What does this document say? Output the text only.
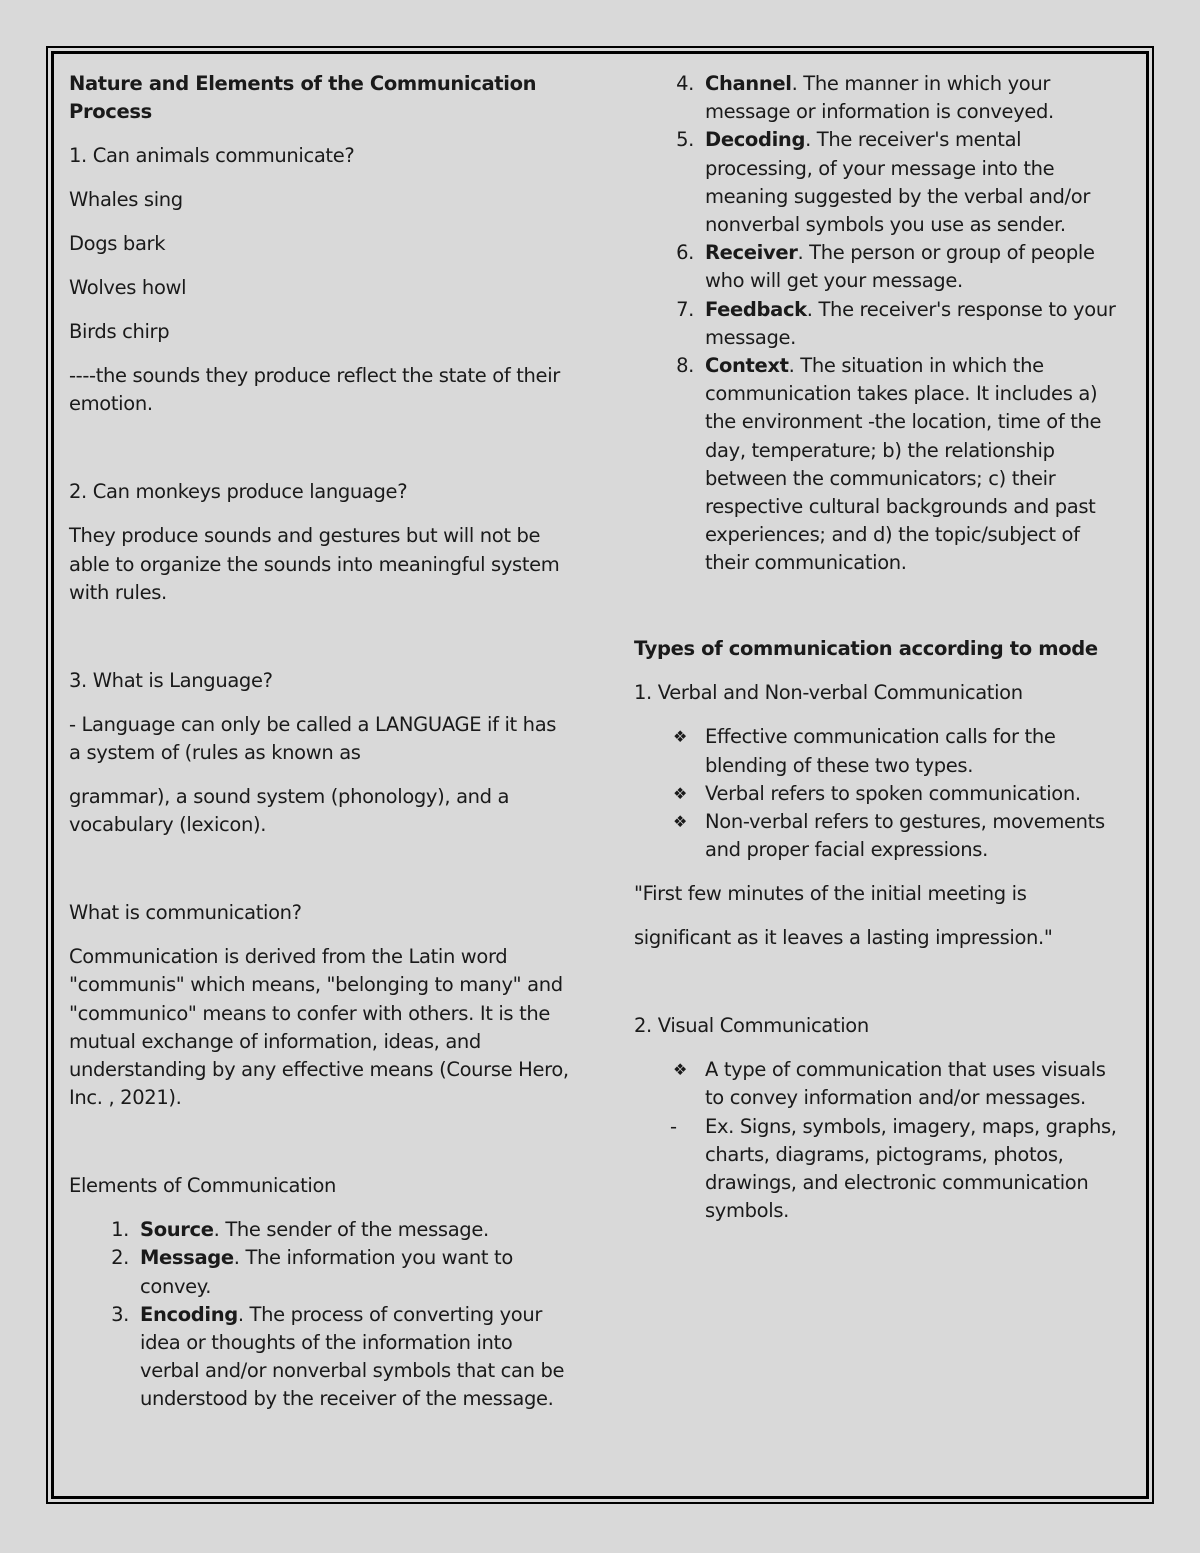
Nature and Elements of the Communication Process

1. Can animals communicate?

Whales sing

Dogs bark

Wolves howl

Birds chirp

----the sounds they produce reflect the state of their emotion.

2. Can monkeys produce language?

They produce sounds and gestures but will not be able to organize the sounds into meaningful system with rules.

3. What is Language?

- Language can only be called a LANGUAGE if it has a system of (rules as known as

grammar), a sound system (phonology), and a vocabulary (lexicon).

What is communication?

Communication is derived from the Latin word "communis" which means, "belonging to many" and "communico" means to confer with others. It is the mutual exchange of information, ideas, and understanding by any effective means (Course Hero, Inc. , 2021).

Elements of Communication

1. Source. The sender of the message.
2. Message. The information you want to convey.
3. Encoding. The process of converting your idea or thoughts of the information into verbal and/or nonverbal symbols that can be understood by the receiver of the message.
4. Channel. The manner in which your message or information is conveyed.
5. Decoding. The receiver's mental processing, of your message into the meaning suggested by the verbal and/or nonverbal symbols you use as sender.
6. Receiver. The person or group of people who will get your message.
7. Feedback. The receiver's response to your message.
8. Context. The situation in which the communication takes place. It includes a) the environment -the location, time of the day, temperature; b) the relationship between the communicators; c) their respective cultural backgrounds and past experiences; and d) the topic/subject of their communication.

Types of communication according to mode

1. Verbal and Non-verbal Communication

❖ Effective communication calls for the blending of these two types.
❖ Verbal refers to spoken communication.
❖ Non-verbal refers to gestures, movements and proper facial expressions.

"First few minutes of the initial meeting is

significant as it leaves a lasting impression."

2. Visual Communication

❖ A type of communication that uses visuals to convey information and/or messages.
-	Ex. Signs, symbols, imagery, maps, graphs, charts, diagrams, pictograms, photos, drawings, and electronic communication symbols.
